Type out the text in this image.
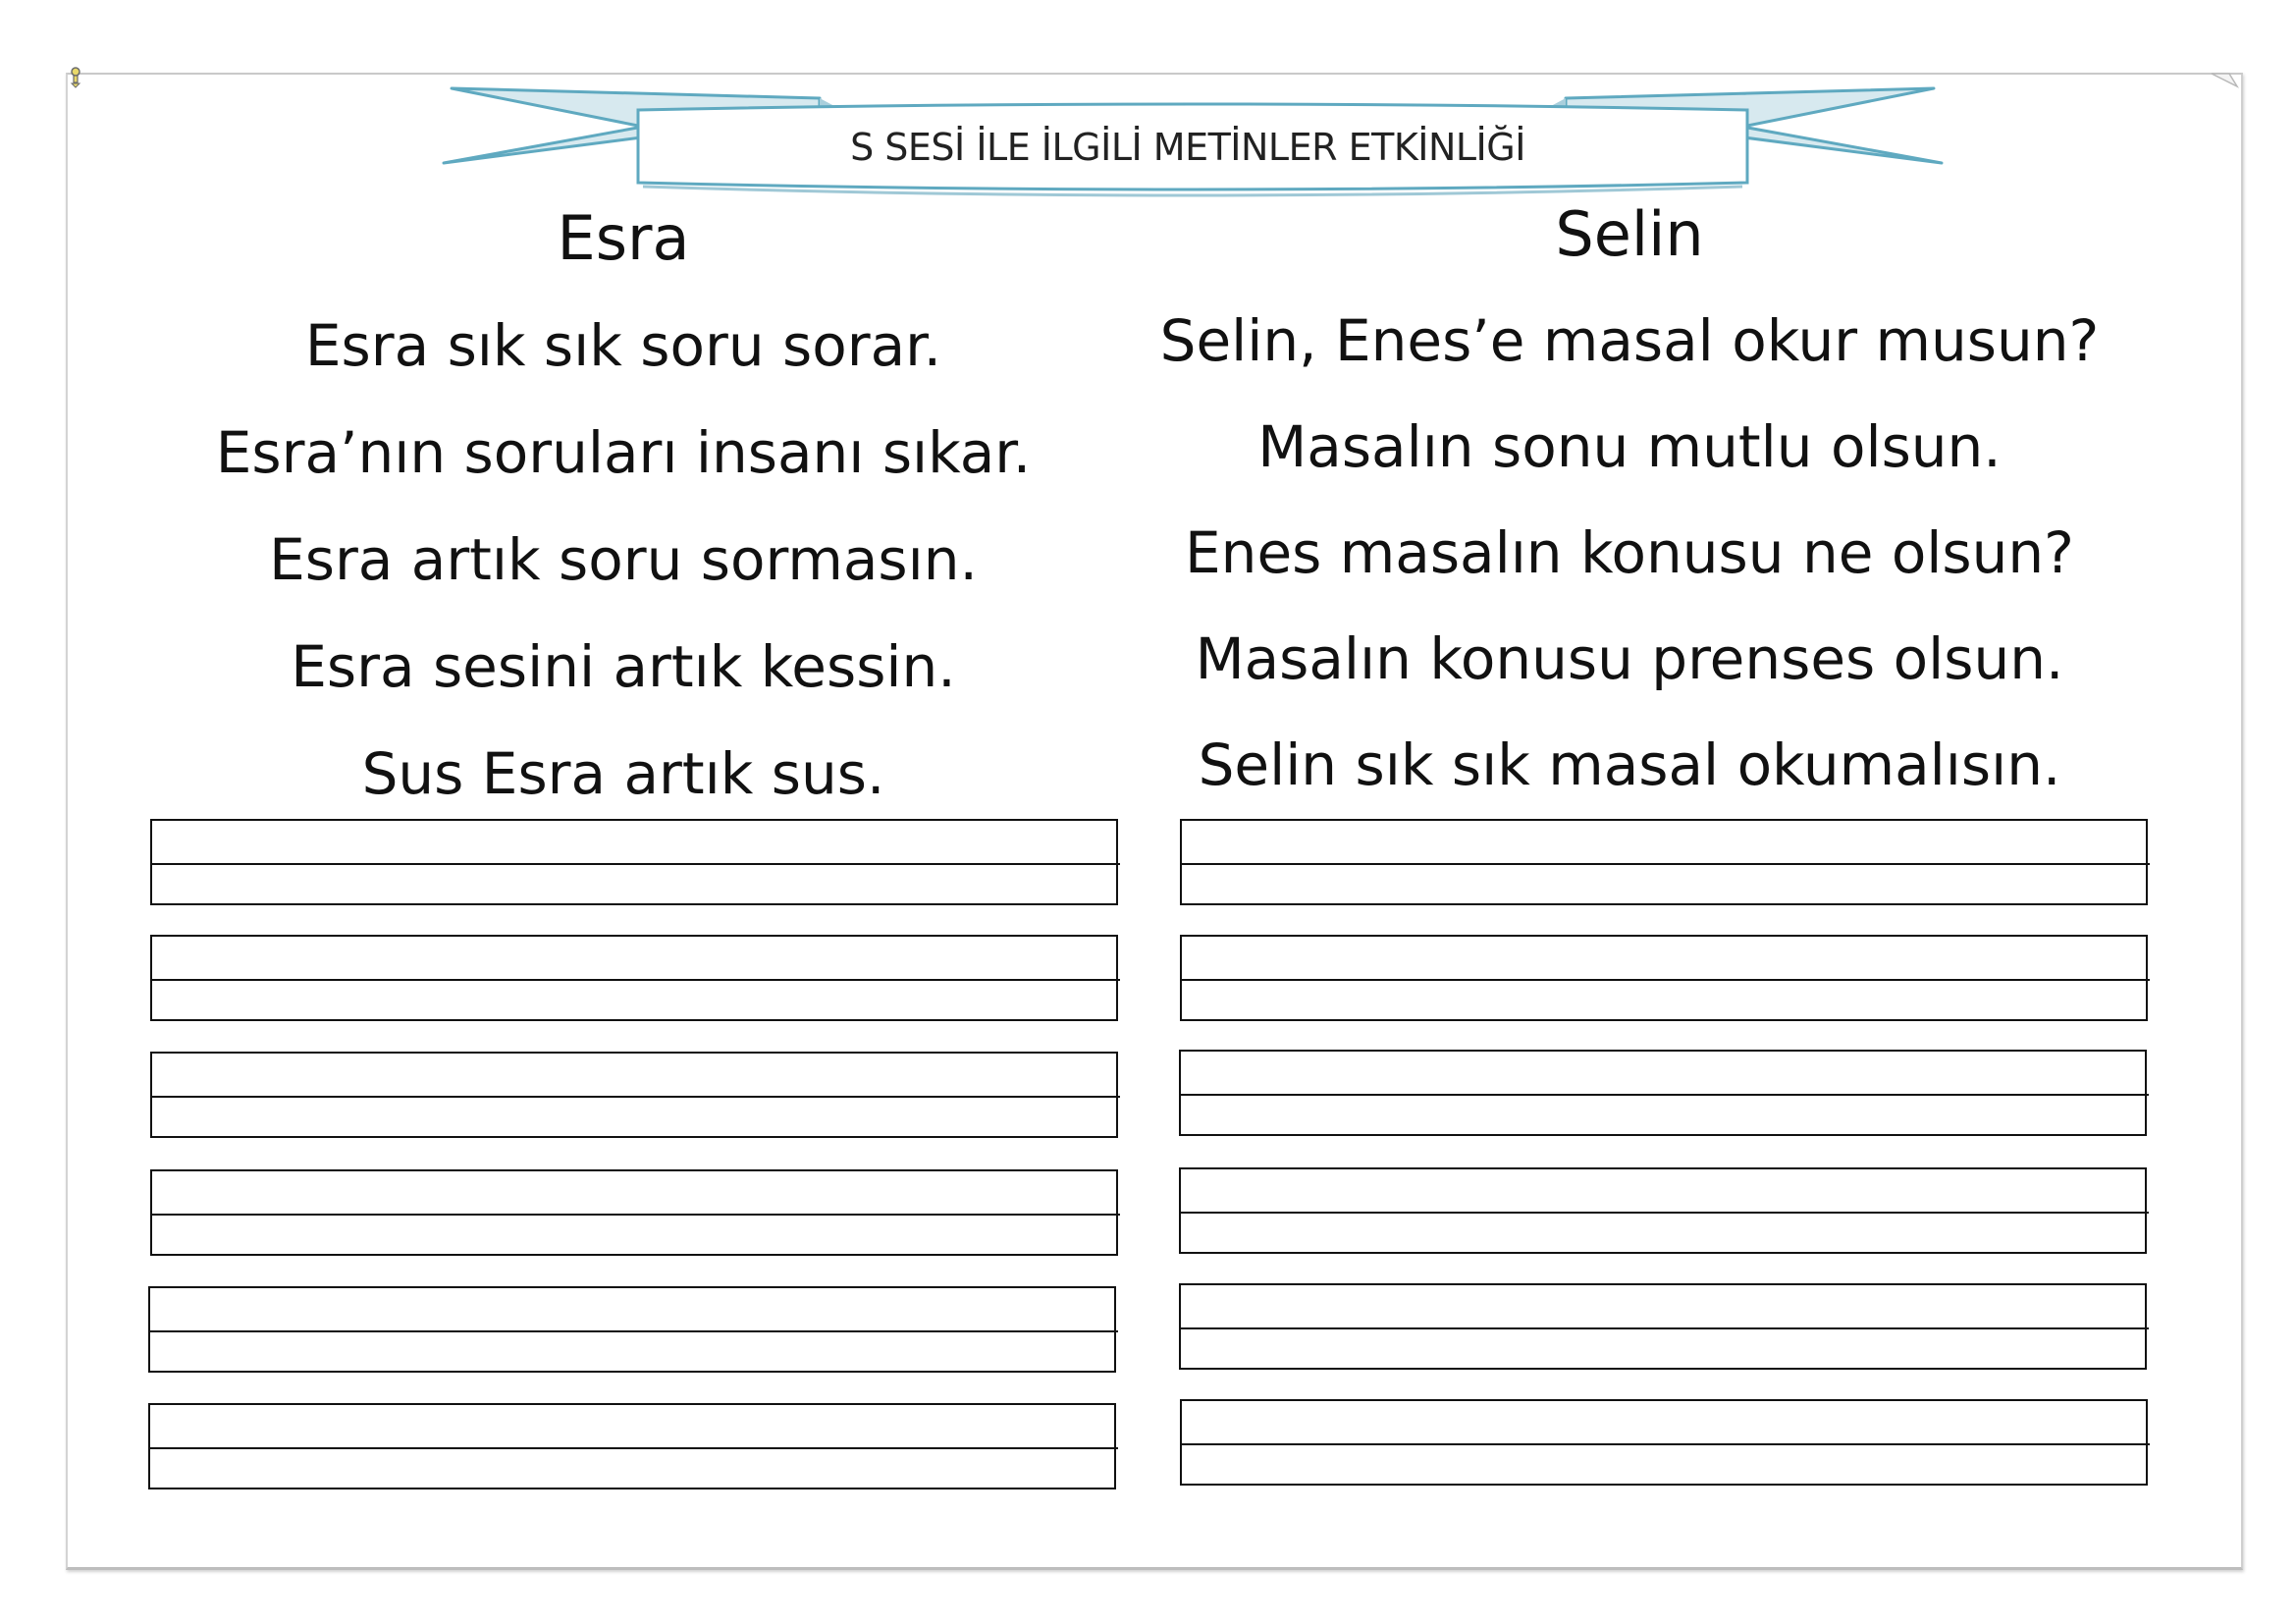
S SESİ İLE İLGİLİ METİNLER ETKİNLİĞİ
Esra

Esra sık sık soru sorar.

Esra’nın soruları insanı sıkar.

Esra artık soru sormasın.

Esra sesini artık kessin.

Sus Esra artık sus.

Selin

Selin, Enes’e masal okur musun?

Masalın sonu mutlu olsun.

Enes masalın konusu ne olsun?

Masalın konusu prenses olsun.

Selin sık sık masal okumalısın.
